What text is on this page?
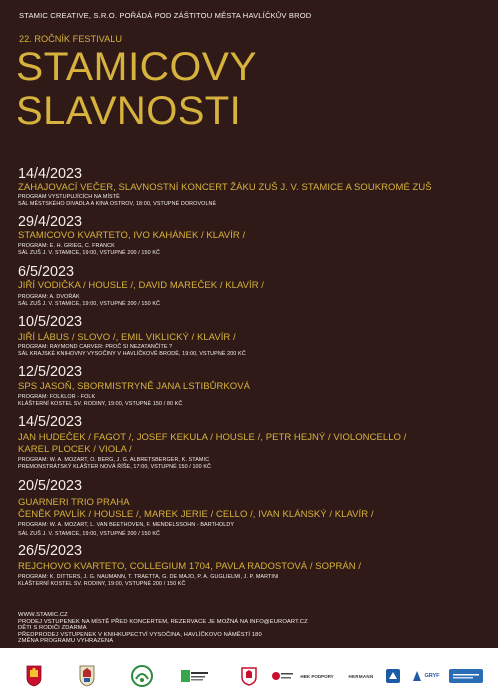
STAMIC CREATIVE, S.R.O. POŘÁDÁ POD ZÁŠTITOU MĚSTA HAVLÍČKŮV BROD
22. ROČNÍK FESTIVALU
STAMICOVY
SLAVNOSTI
14/4/2023
ZAHAJOVACÍ VEČER, SLAVNOSTNÍ KONCERT ŽÁKU ZUŠ J. V. STAMICE A SOUKROMÉ ZUŠ
PROGRAM VYSTUPUJÍCÍCH NA MÍSTĚ
SÁL MĚSTSKÉHO DIVADLA A KINA OSTROV, 18:00, VSTUPNÉ DOROVOLNÉ
29/4/2023
STAMICOVO KVARTETO, IVO KAHÁNEK / KLAVÍR /
PROGRAM: E. H. GRIEG, C. FRANCK
SÁL ZUŠ J. V. STAMICE, 19:00, VSTUPNÉ 200 / 150 KČ
6/5/2023
JIŘÍ VODIČKA / HOUSLE /, DAVID MAREČEK / KLAVÍR /
PROGRAM: A. DVOŘÁK
SÁL ZUŠ J. V. STAMICE, 19:00, VSTUPNÉ 200 / 150 KČ
10/5/2023
JIŘÍ LÁBUS / SLOVO /, EMIL VIKLICKÝ / KLAVÍR /
PROGRAM: RAYMOND CARVER: PROČ SI NEZATANČÍTE ?
SÁL KRAJSKÉ KNIHOVNY VYSOČINY V HAVLÍČKOVĚ BRODĚ, 19:00, VSTUPNÉ 200 KČ
12/5/2023
SPS JASOŇ, SBORMISTRYNĚ JANA LSTIBŮRKOVÁ
PROGRAM: FOLKLOR - FOLK
KLÁŠTERNÍ KOSTEL SV. RODINY, 19:00, VSTUPNÉ 150 / 80 KČ
14/5/2023
JAN HUDEČEK / FAGOT /, JOSEF KEKULA / HOUSLE /, PETR HEJNÝ / VIOLONCELLO /
KAREL PLOCEK / VIOLA /
PROGRAM: W. A. MOZART, O. BERG, J. G. ALBRETSBERGER, K. STAMIC
PREMONSTRÁTSKÝ KLÁŠTER NOVÁ ŘÍŠE, 17:00, VSTUPNÉ 150 / 100 KČ
20/5/2023
GUARNERI TRIO PRAHA
ČENĚK PAVLÍK / HOUSLE /, MAREK JERIE / CELLO /, IVAN KLÁNSKÝ / KLAVÍR /
PROGRAM: W. A. MOZART, L. VAN BEETHOVEN, F. MENDELSSOHN - BARTHOLDY
SÁL ZUŠ J. V. STAMICE, 19:00, VSTUPNÉ 200 / 150 KČ
26/5/2023
REJCHOVO KVARTETO, COLLEGIUM 1704, PAVLA RADOSTOVÁ / SOPRÁN /
PROGRAM: K. DITTERS, J. G. NAUMANN, T. TRAETTA, G. DE MAJO, P. A. GUGLIELMI, J. P. MARTINI
KLÁŠTERNÍ KOSTEL SV. RODINY, 19:00, VSTUPNÉ 200 / 150 KČ
WWW.STAMIC.CZ
PRODEJ VSTUPENEK NA MÍSTĚ PŘED KONCERTEM, REZERVACE JE MOŽNÁ NA INFO@EUROART.CZ
DĚTI S RODIČI ZDARMA
PŘEDPRODEJ VSTUPENEK V KNIHKUPECTVÍ VYSOČINA, HAVLÍČKOVO NÁMĚSTÍ 180
ZMĚNA PROGRAMU VYHRAZENA
HBK PODPORY	HERMANN	GRYF
